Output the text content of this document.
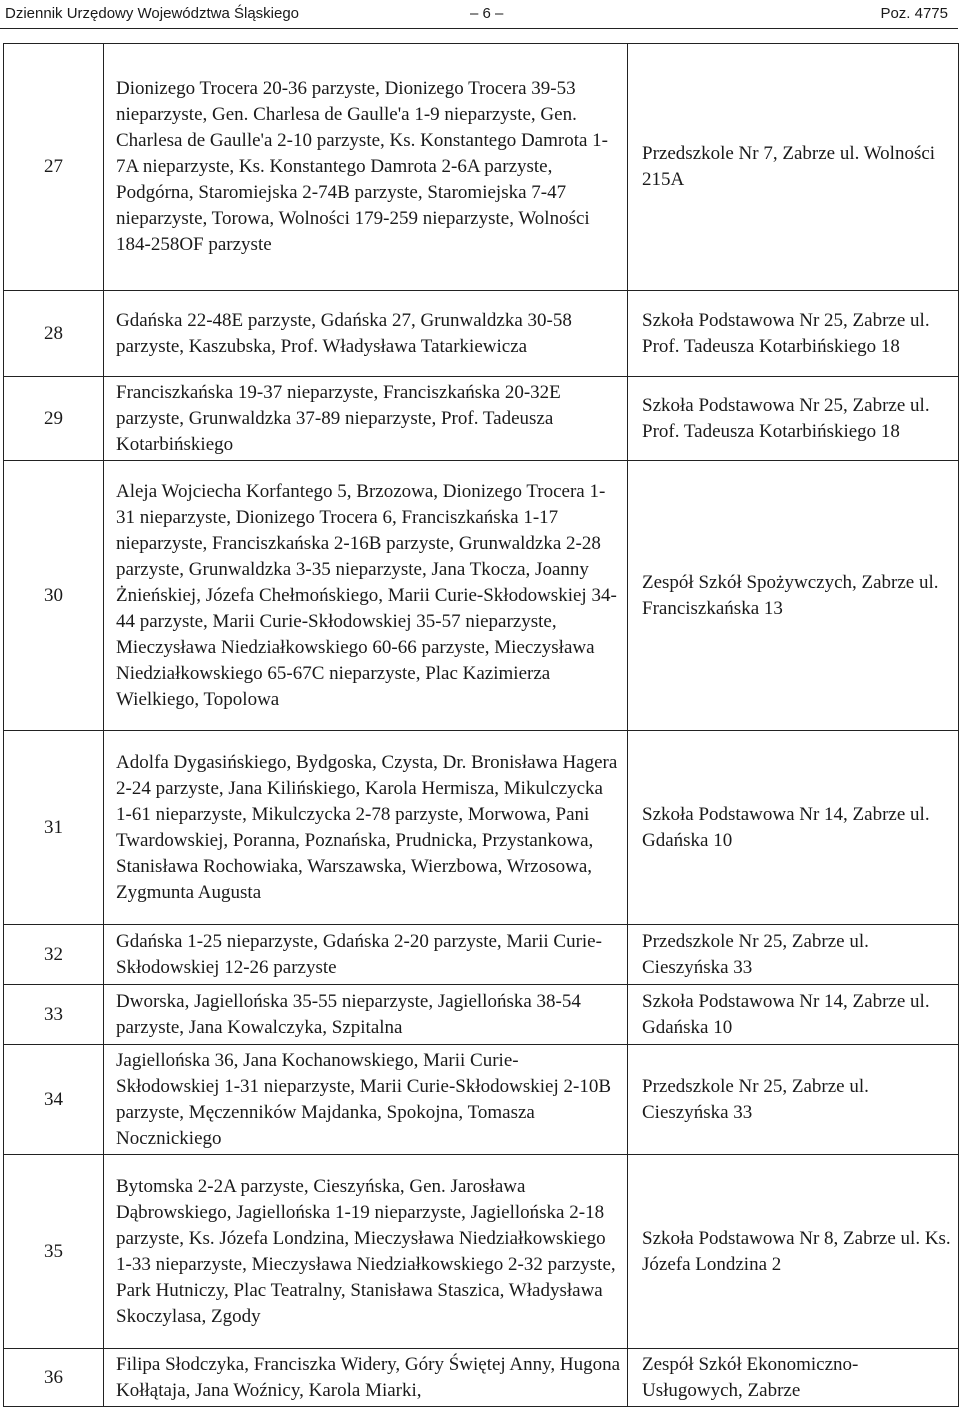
Dziennik Urzędowy Województwa Śląskiego	– 6 –	Poz. 4775
27	Dionizego Trocera 20-36 parzyste, Dionizego Trocera 39-53 nieparzyste, Gen. Charlesa de Gaulle'a 1-9 nieparzyste, Gen. Charlesa de Gaulle'a 2-10 parzyste, Ks. Konstantego Damrota 1-7A nieparzyste, Ks. Konstantego Damrota 2-6A parzyste, Podgórna, Staromiejska 2-74B parzyste, Staromiejska 7-47 nieparzyste, Torowa, Wolności 179-259 nieparzyste, Wolności 184-258OF parzyste	Przedszkole Nr 7, Zabrze ul. Wolności 215A

28	Gdańska 22-48E parzyste, Gdańska 27, Grunwaldzka 30-58 parzyste, Kaszubska, Prof. Władysława Tatarkiewicza	Szkoła Podstawowa Nr 25, Zabrze ul. Prof. Tadeusza Kotarbińskiego 18

29	Franciszkańska 19-37 nieparzyste, Franciszkańska 20-32E parzyste, Grunwaldzka 37-89 nieparzyste, Prof. Tadeusza Kotarbińskiego	Szkoła Podstawowa Nr 25, Zabrze ul. Prof. Tadeusza Kotarbińskiego 18

30	Aleja Wojciecha Korfantego 5, Brzozowa, Dionizego Trocera 1-31 nieparzyste, Dionizego Trocera 6, Franciszkańska 1-17 nieparzyste, Franciszkańska 2-16B parzyste, Grunwaldzka 2-28 parzyste, Grunwaldzka 3-35 nieparzyste, Jana Tkocza, Joanny Żnieńskiej, Józefa Chełmońskiego, Marii Curie-Skłodowskiej 34-44 parzyste, Marii Curie-Skłodowskiej 35-57 nieparzyste, Mieczysława Niedziałkowskiego 60-66 parzyste, Mieczysława Niedziałkowskiego 65-67C nieparzyste, Plac Kazimierza Wielkiego, Topolowa	Zespół Szkół Spożywczych, Zabrze ul. Franciszkańska 13

31	Adolfa Dygasińskiego, Bydgoska, Czysta, Dr. Bronisława Hagera 2-24 parzyste, Jana Kilińskiego, Karola Hermisza, Mikulczycka 1-61 nieparzyste, Mikulczycka 2-78 parzyste, Morwowa, Pani Twardowskiej, Poranna, Poznańska, Prudnicka, Przystankowa, Stanisława Rochowiaka, Warszawska, Wierzbowa, Wrzosowa, Zygmunta Augusta	Szkoła Podstawowa Nr 14, Zabrze ul. Gdańska 10

32	Gdańska 1-25 nieparzyste, Gdańska 2-20 parzyste, Marii Curie-Skłodowskiej 12-26 parzyste	Przedszkole Nr 25, Zabrze ul. Cieszyńska 33

33	Dworska, Jagiellońska 35-55 nieparzyste, Jagiellońska 38-54 parzyste, Jana Kowalczyka, Szpitalna	Szkoła Podstawowa Nr 14, Zabrze ul. Gdańska 10

34	Jagiellońska 36, Jana Kochanowskiego, Marii Curie-Skłodowskiej 1-31 nieparzyste, Marii Curie-Skłodowskiej 2-10B parzyste, Męczenników Majdanka, Spokojna, Tomasza Nocznickiego	Przedszkole Nr 25, Zabrze ul. Cieszyńska 33

35	Bytomska 2-2A parzyste, Cieszyńska, Gen. Jarosława Dąbrowskiego, Jagiellońska 1-19 nieparzyste, Jagiellońska 2-18 parzyste, Ks. Józefa Londzina, Mieczysława Niedziałkowskiego 1-33 nieparzyste, Mieczysława Niedziałkowskiego 2-32 parzyste, Park Hutniczy, Plac Teatralny, Stanisława Staszica, Władysława Skoczylasa, Zgody	Szkoła Podstawowa Nr 8, Zabrze ul. Ks. Józefa Londzina 2

36	Filipa Słodczyka, Franciszka Widery, Góry Świętej Anny, Hugona Kołłątaja, Jana Woźnicy, Karola Miarki,	Zespół Szkół Ekonomiczno-Usługowych, Zabrze
